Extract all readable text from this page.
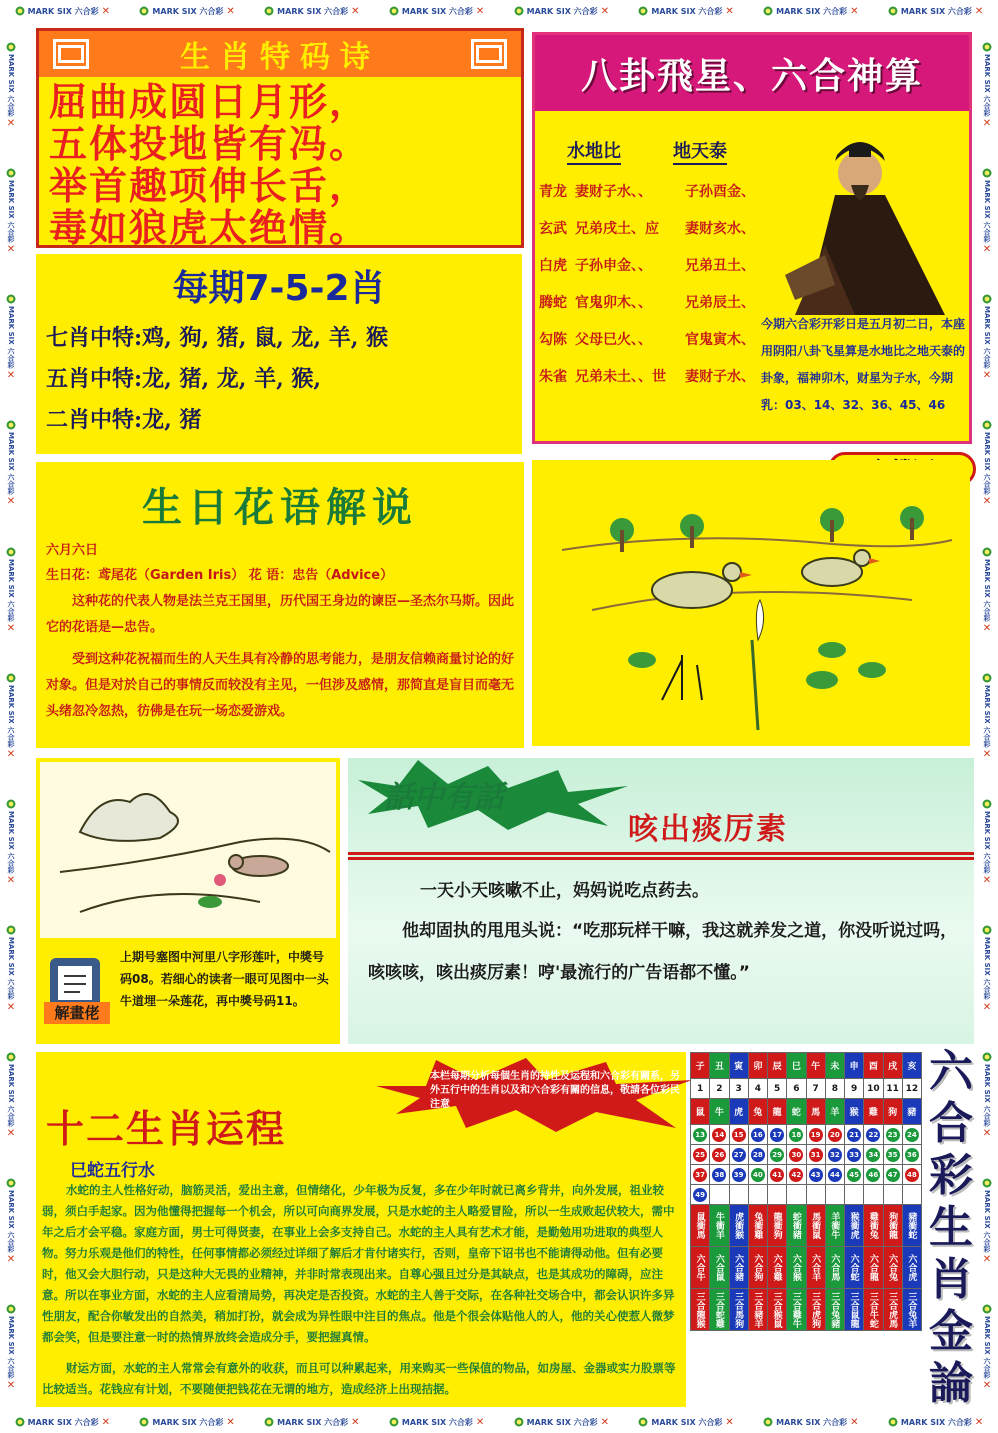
MARK SIX 六合彩 ✕	MARK SIX 六合彩 ✕	MARK SIX 六合彩 ✕	MARK SIX 六合彩 ✕	MARK SIX 六合彩 ✕	MARK SIX 六合彩 ✕	MARK SIX 六合彩 ✕	MARK SIX 六合彩 ✕
MARK SIX 六合彩 ✕	MARK SIX 六合彩 ✕	MARK SIX 六合彩 ✕	MARK SIX 六合彩 ✕	MARK SIX 六合彩 ✕	MARK SIX 六合彩 ✕	MARK SIX 六合彩 ✕	MARK SIX 六合彩 ✕
MARK SIX 六合彩
✕
MARK SIX 六合彩
✕
MARK SIX 六合彩
✕
MARK SIX 六合彩
✕
MARK SIX 六合彩
✕
MARK SIX 六合彩
✕
MARK SIX 六合彩
✕
MARK SIX 六合彩
✕
MARK SIX 六合彩
✕
MARK SIX 六合彩
✕
MARK SIX 六合彩
✕
MARK SIX 六合彩
✕
MARK SIX 六合彩
✕
MARK SIX 六合彩
✕
MARK SIX 六合彩
✕
MARK SIX 六合彩
✕
MARK SIX 六合彩
✕
MARK SIX 六合彩
✕
MARK SIX 六合彩
✕
MARK SIX 六合彩
✕
MARK SIX 六合彩
✕
MARK SIX 六合彩
✕
生肖特码诗
屈曲成圆日月形，
五体投地皆有冯。
举首趣项伸长舌，
毒如狼虎太绝情。
每期7-5-2肖
七肖中特:鸡, 狗, 猪, 鼠, 龙, 羊, 猴
五肖中特:龙, 猪, 龙, 羊, 猴,
二肖中特:龙, 猪
八卦飛星、六合神算
水地比	地天泰
青龙 妻财子水、、	子孙酉金、
玄武 兄弟戌土、应	妻财亥水、
白虎 子孙申金、、	兄弟丑土、
腾蛇 官鬼卯木、、	兄弟辰土、
勾陈 父母巳火、、	官鬼寅木、
朱雀 兄弟未土、、世	妻财子水、
今期六合彩开彩日是五月初二日，本座用阴阳八卦飞星算是水地比之地天泰的卦象，福神卯木，财星为子水，今期乳：03、14、32、36、45、46
生日花语解说
六月六日
生日花：鸢尾花（Garden Iris） 花 语：忠告（Advice）
这种花的代表人物是法兰克王国里，历代国王身边的谏臣—圣杰尔马斯。因此它的花语是—忠告。
受到这种花祝福而生的人天生具有冷静的思考能力，是朋友信赖商量讨论的好对象。但是对於自己的事情反而较没有主见，一但涉及感情，那简直是盲目而毫无头绪忽冷忽热，彷佛是在玩一场恋爱游戏。
解畫佬
上期号塞图中河里八字形莲叶，中獎号码08。若细心的读者一眼可见图中一头牛道埋一朵莲花，再中獎号码11。
話中有話
咳出痰厉素
一天小天咳嗽不止，妈妈说吃点药去。
他却固执的甩甩头说：“吃那玩样干嘛，我这就养发之道，你没听说过吗，咳咳咳，咳出痰厉素！哼'最流行的广告语都不懂。”
本栏每期分析每個生肖的持性及运程和六合彩有關系，另外五行中的生肖以及和六合彩有關的信息，敬請各位彩民注意
十二生肖运程
巳蛇五行水
水蛇的主人性格好动，脑筋灵活，爱出主意，但情绪化，少年极为反复，多在少年时就已离乡背井，向外发展，祖业较弱，须白手起家。因为他懂得把握每一个机会，所以可向商界发展，只是水蛇的主人略爱冒险，所以一生成败起伏较大，需中年之后才会平稳。家庭方面，男士可得贤妻，在事业上会多支持自己。水蛇的主人具有艺术才能，是勤勉用功进取的典型人物。努力乐观是他们的特性，任何事情都必须经过详细了解后才肯付诸实行，否则，皇帝下诏书也不能请得动他。但有必要时，他又会大胆行动，只是这种大无畏的业精神，并非时常表现出来。自尊心强且过分是其缺点，也是其成功的障碍，应注意。所以在事业方面，水蛇的主人应看清局势，再决定是否投资。水蛇的主人善于交际，在各种社交场合中，都会认识许多异性朋友，配合你敏发出的自然美，稍加打扮，就会成为异性眼中注目的焦点。他是个很会体贴他人的人，他的关心使惹人微梦都会笑，但是要注意一时的热情界放终会造成分手，要把握真情。
财运方面，水蛇的主人常常会有意外的收获，而且可以种累起来，用来购买一些保值的物品，如房屋、金器或实力股票等比较适当。花钱应有计划，不要随便把钱花在无谓的地方，造成经济上出现拮据。
子	丑	寅	卯	辰	巳	午	未	申	酉	戌	亥
1	2	3	4	5	6	7	8	9	10	11	12
鼠	牛	虎	兔	龍	蛇	馬	羊	猴	雞	狗	豬
13	14	15	16	17	18	19	20	21	22	23	24
25	26	27	28	29	30	31	32	33	34	35	36
37	38	39	40	41	42	43	44	45	46	47	48
49											
鼠衝馬	牛衝羊	虎衝猴	兔衝雞	龍衝狗	蛇衝豬	馬衝鼠	羊衝牛	猴衝虎	雞衝兔	狗衝龍	豬衝蛇
六合牛	六合鼠	六合豬	六合狗	六合雞	六合猴	六合羊	六合馬	六合蛇	六合龍	六合兔	六合虎
三合龍猴	三合蛇雞	三合馬狗	三合豬羊	三合猴鼠	三合雞牛	三合虎狗	三合兔豬	三合鼠龍	三合牛蛇	三合虎馬	三合兔羊
六
合
彩
生
肖
金
論
